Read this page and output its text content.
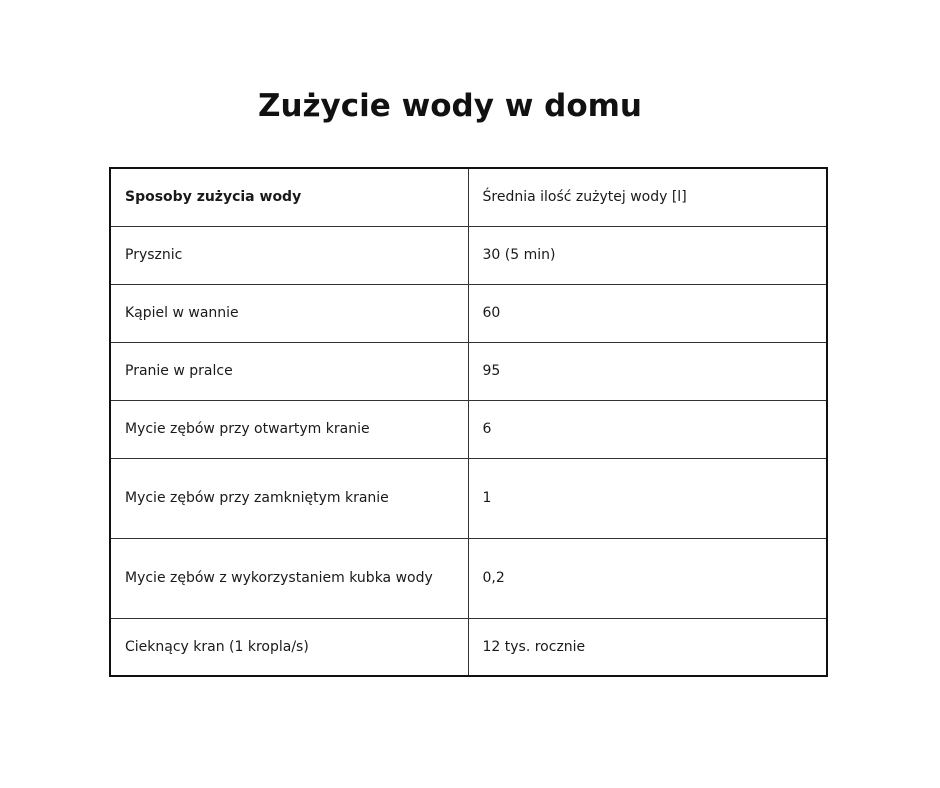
Zużycie wody w domu
Sposoby zużycia wody	Średnia ilość zużytej wody [l]
Prysznic	30 (5 min)
Kąpiel w wannie	60
Pranie w pralce	95
Mycie zębów przy otwartym kranie	6
Mycie zębów przy zamkniętym kranie	1
Mycie zębów z wykorzystaniem kubka wody	0,2
Cieknący kran (1 kropla/s)	12 tys. rocznie
